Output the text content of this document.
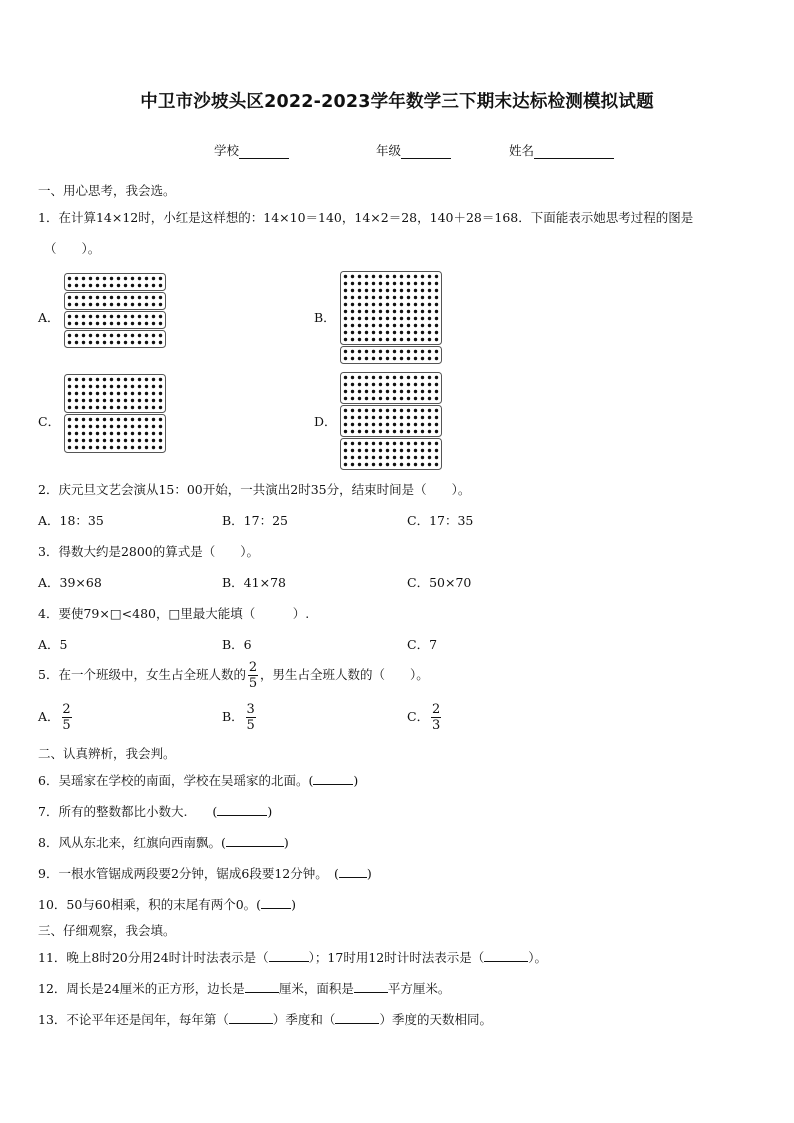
中卫市沙坡头区2022-2023学年数学三下期末达标检测模拟试题
学校	年级	姓名
一、用心思考，我会选。
1．在计算14×12时，小红是这样想的：14×10＝140，14×2＝28，140＋28＝168．下面能表示她思考过程的图是
（　　）。
A．	B．
C．	D．
2．庆元旦文艺会演从15：00开始，一共演出2时35分，结束时间是（　　）。
A．18：35	B．17：25	C．17：35
3．得数大约是2800的算式是（　　）。
A．39×68	B．41×78	C．50×70
4．要使79×□<480，□里最大能填（　　　）.
A．5	B．6	C．7
5．在一个班级中，女生占全班人数的 $\frac{2}{5}$ ，男生占全班人数的（　　）。
A． $\frac{2}{5}$	B． $\frac{3}{5}$	C． $\frac{2}{3}$
二、认真辨析，我会判。
6．吴瑶家在学校的南面，学校在吴瑶家的北面。(	)
7．所有的整数都比小数大.　　(	)
8．风从东北来，红旗向西南飘。(	)
9．一根水管锯成两段要2分钟，锯成6段要12分钟。　( )
10．50与60相乘，积的末尾有两个0。( )
三、仔细观察，我会填。
11．晚上8时20分用24时计时法表示是（	）；17时用12时计时法表示是（	）。
12．周长是24厘米的正方形，边长是	厘米，面积是	平方厘米。
13．不论平年还是闰年，每年第（	）季度和（	）季度的天数相同。
